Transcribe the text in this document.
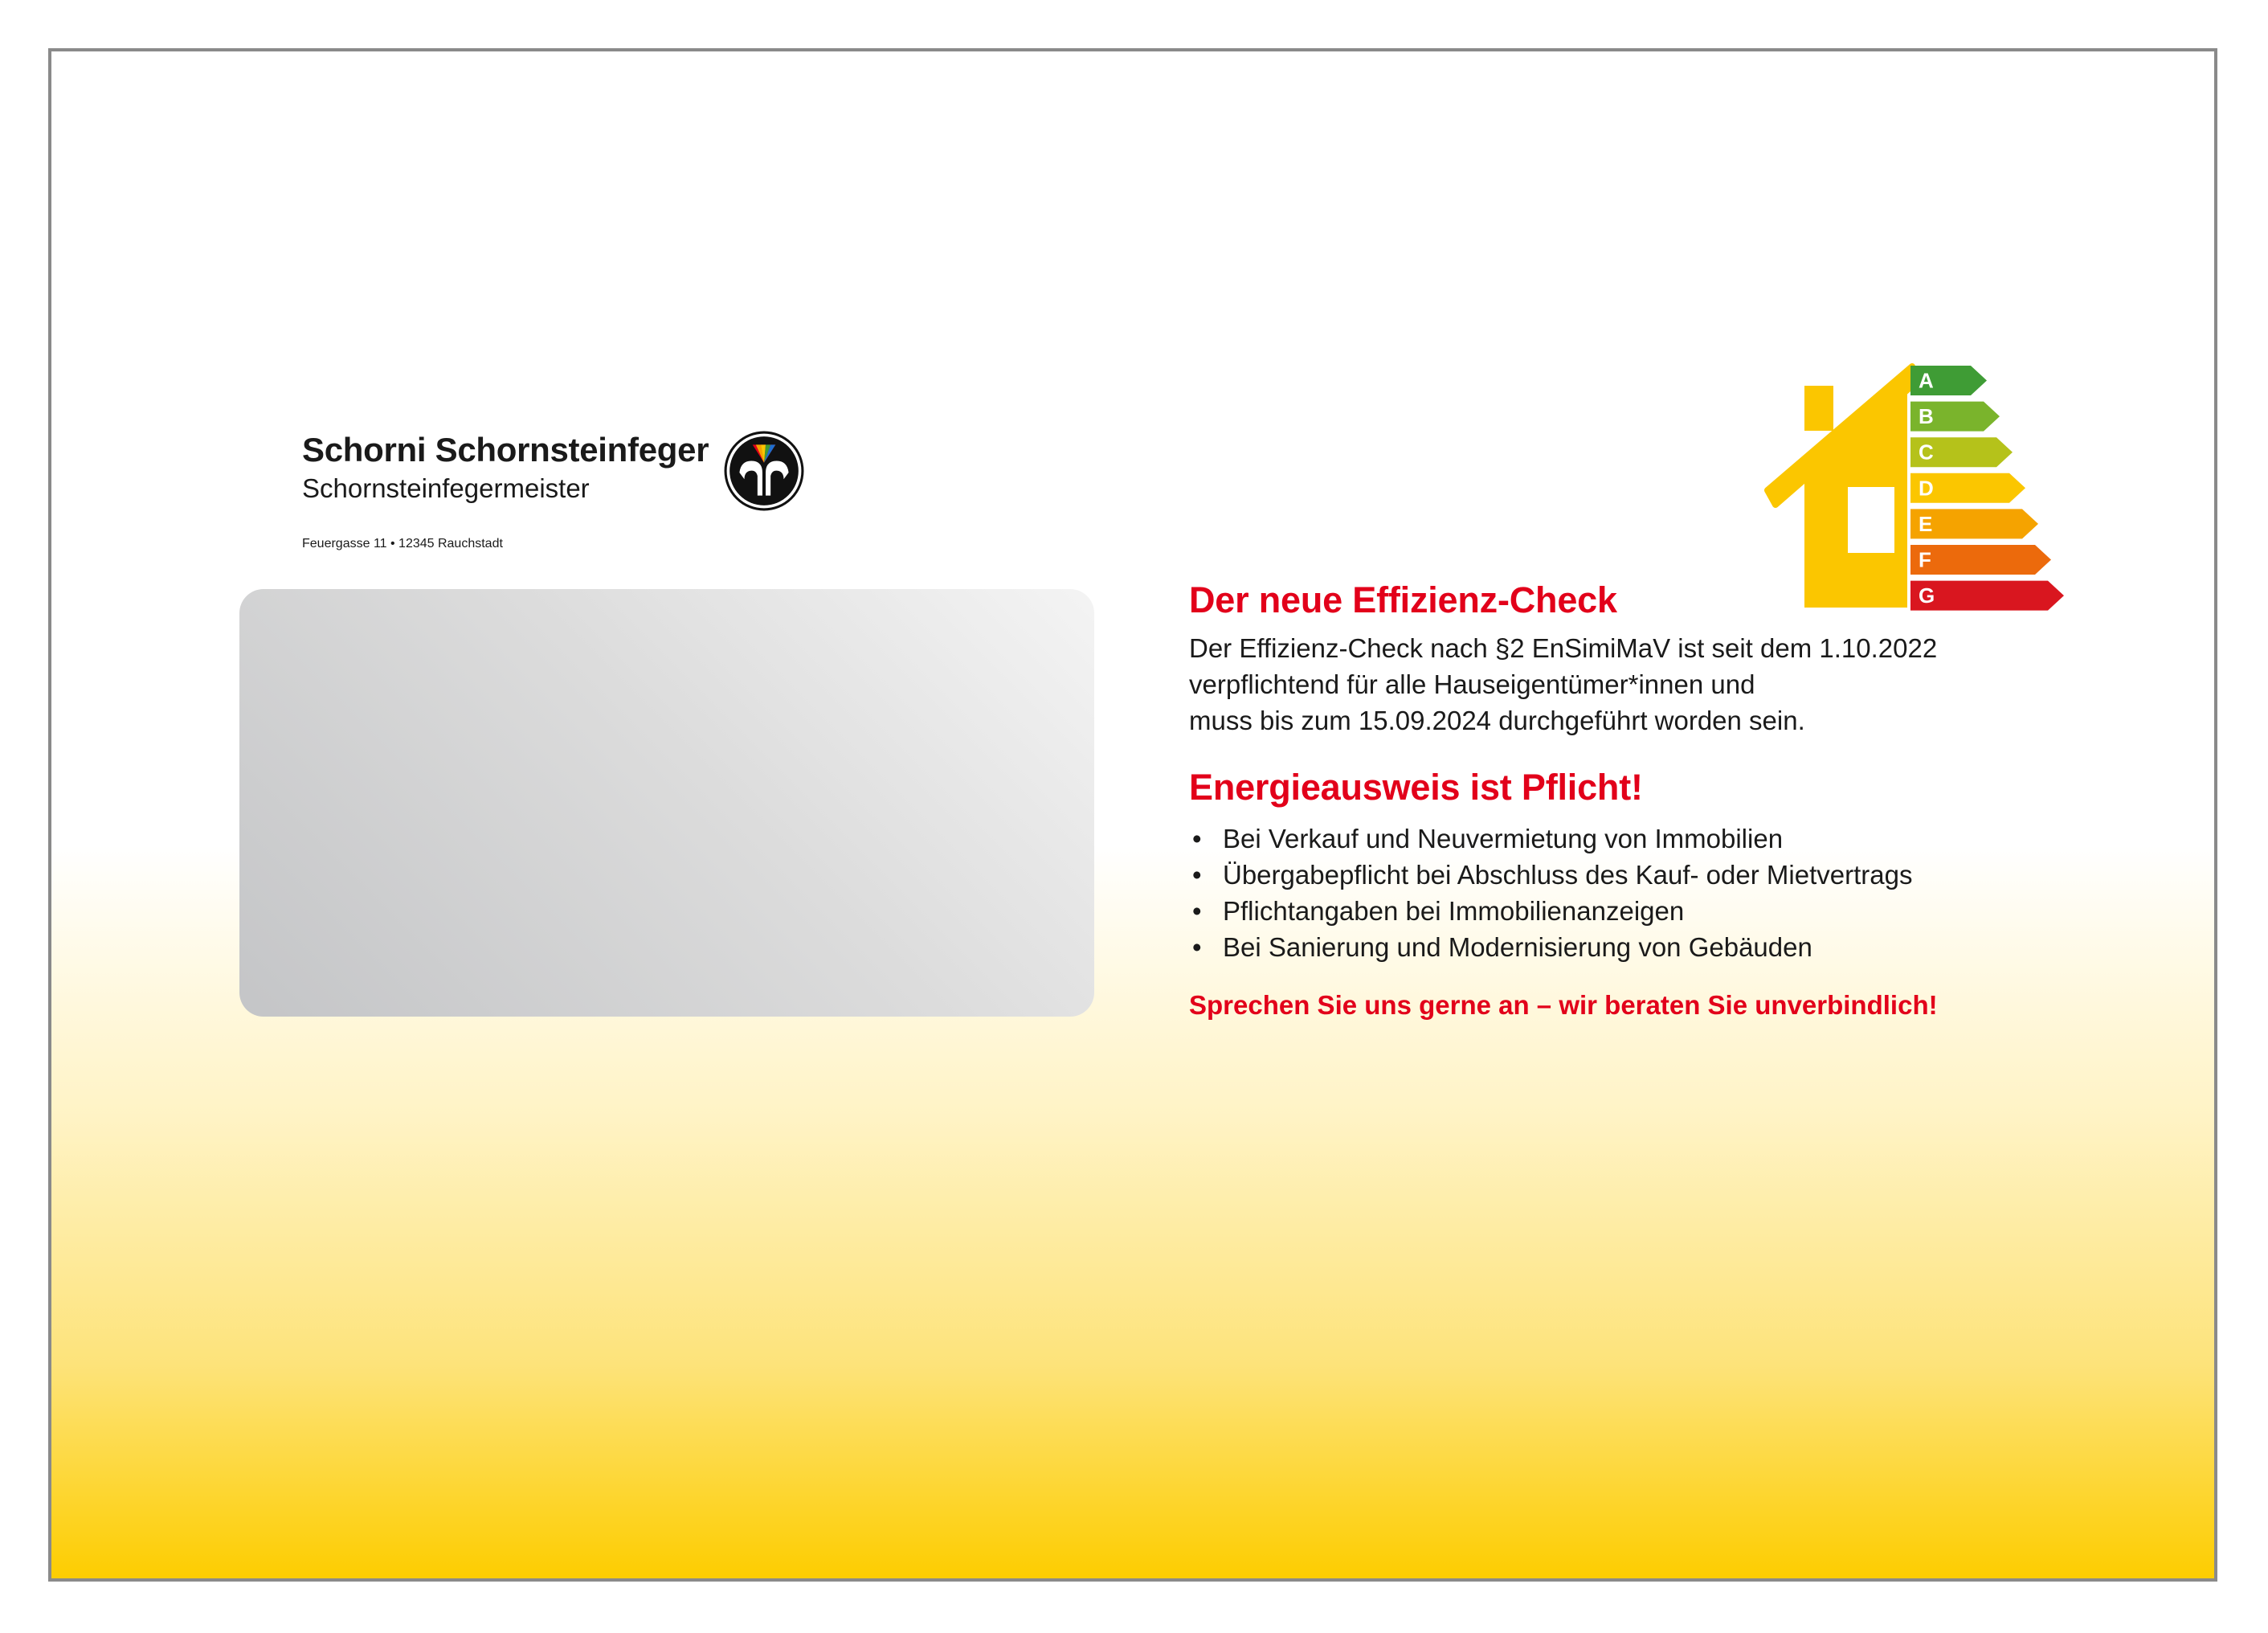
Schorni Schornsteinfeger
Schornsteinfegermeister
Feuergasse 11 • 12345 Rauchstadt
Der neue Effizienz-Check

Der Effizienz-Check nach §2 EnSimiMaV ist seit dem 1.10.2022
verpflichtend für alle Hauseigentümer*innen und
muss bis zum 15.09.2024 durchgeführt worden sein.

Energieausweis ist Pflicht!
• Bei Verkauf und Neuvermietung von Immobilien
• Übergabepflicht bei Abschluss des Kauf- oder Mietvertrags
• Pflichtangaben bei Immobilienanzeigen
• Bei Sanierung und Modernisierung von Gebäuden
Sprechen Sie uns gerne an – wir beraten Sie unverbindlich!
A
B
C
D
E
F
G
